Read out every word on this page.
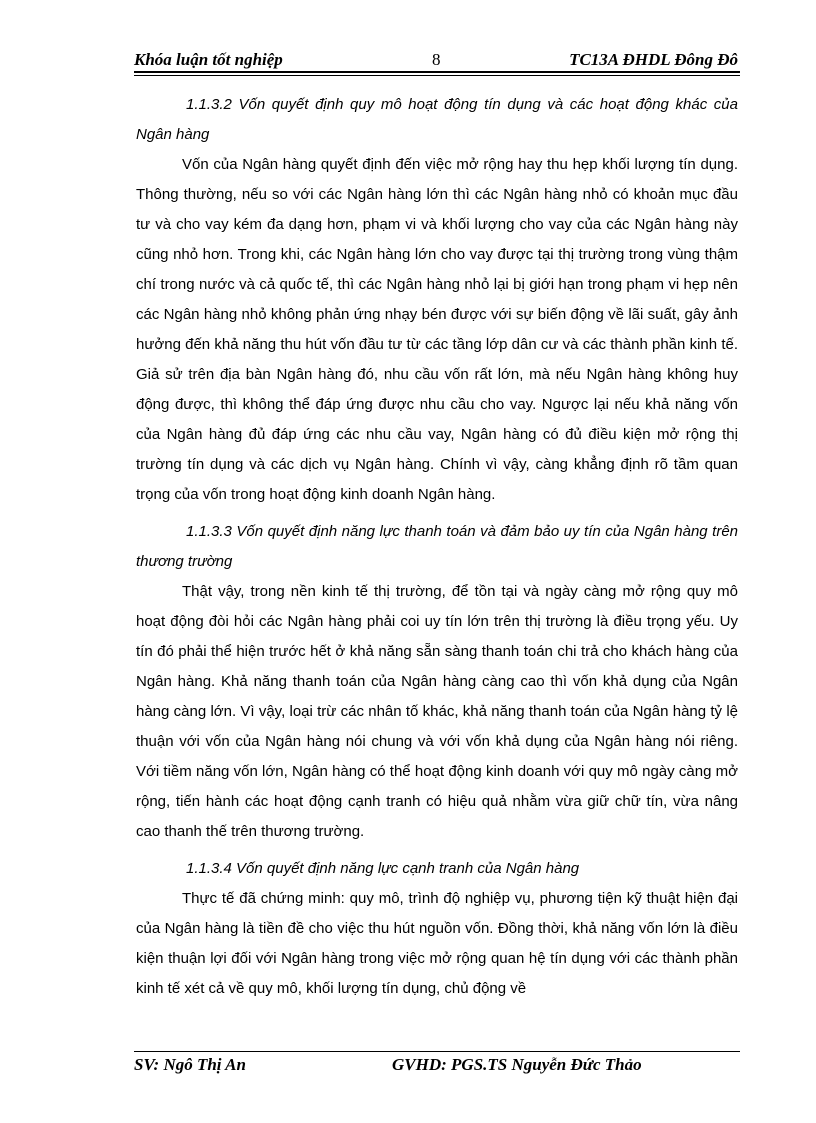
Khóa luận tốt nghiệp	8	TC13A ĐHDL Đông Đô

1.1.3.2 Vốn quyết định quy mô hoạt động tín dụng và các hoạt động khác của Ngân hàng

Vốn của Ngân hàng quyết định đến việc mở rộng hay thu hẹp khối lượng tín dụng. Thông thường, nếu so với các Ngân hàng lớn thì các Ngân hàng nhỏ có khoản mục đầu tư và cho vay kém đa dạng hơn, phạm vi và khối lượng cho vay của các Ngân hàng này cũng nhỏ hơn. Trong khi, các Ngân hàng lớn cho vay được tại thị trường trong vùng thậm chí trong nước và cả quốc tế, thì các Ngân hàng nhỏ lại bị giới hạn trong phạm vi hẹp nên các Ngân hàng nhỏ không phản ứng nhạy bén được với sự biến động về lãi suất, gây ảnh hưởng đến khả năng thu hút vốn đầu tư từ các tầng lớp dân cư và các thành phần kinh tế. Giả sử trên địa bàn Ngân hàng đó, nhu cầu vốn rất lớn, mà nếu Ngân hàng không huy động được, thì không thể đáp ứng được nhu cầu cho vay. Ngược lại nếu khả năng vốn của Ngân hàng đủ đáp ứng các nhu cầu vay, Ngân hàng có đủ điều kiện mở rộng thị trường tín dụng và các dịch vụ Ngân hàng. Chính vì vậy, càng khẳng định rõ tầm quan trọng của vốn trong hoạt động kinh doanh Ngân hàng.

1.1.3.3 Vốn quyết định năng lực thanh toán và đảm bảo uy tín của Ngân hàng trên thương trường

Thật vậy, trong nền kinh tế thị trường, để tồn tại và ngày càng mở rộng quy mô hoạt động đòi hỏi các Ngân hàng phải coi uy tín lớn trên thị trường là điều trọng yếu. Uy tín đó phải thể hiện trước hết ở khả năng sẵn sàng thanh toán chi trả cho khách hàng của Ngân hàng. Khả năng thanh toán của Ngân hàng càng cao thì vốn khả dụng của Ngân hàng càng lớn. Vì vậy, loại trừ các nhân tố khác, khả năng thanh toán của Ngân hàng tỷ lệ thuận với vốn của Ngân hàng nói chung và với vốn khả dụng của Ngân hàng nói riêng. Với tiềm năng vốn lớn, Ngân hàng có thể hoạt động kinh doanh với quy mô ngày càng mở rộng, tiến hành các hoạt động cạnh tranh có hiệu quả nhằm vừa giữ chữ tín, vừa nâng cao thanh thế trên thương trường.

1.1.3.4 Vốn quyết định năng lực cạnh tranh của Ngân hàng

Thực tế đã chứng minh: quy mô, trình độ nghiệp vụ, phương tiện kỹ thuật hiện đại của Ngân hàng là tiền đề cho việc thu hút nguồn vốn. Đồng thời, khả năng vốn lớn là điều kiện thuận lợi đối với Ngân hàng trong việc mở rộng quan hệ tín dụng với các thành phần kinh tế xét cả về quy mô, khối lượng tín dụng, chủ động về

SV: Ngô Thị An	GVHD: PGS.TS Nguyễn Đức Thảo
